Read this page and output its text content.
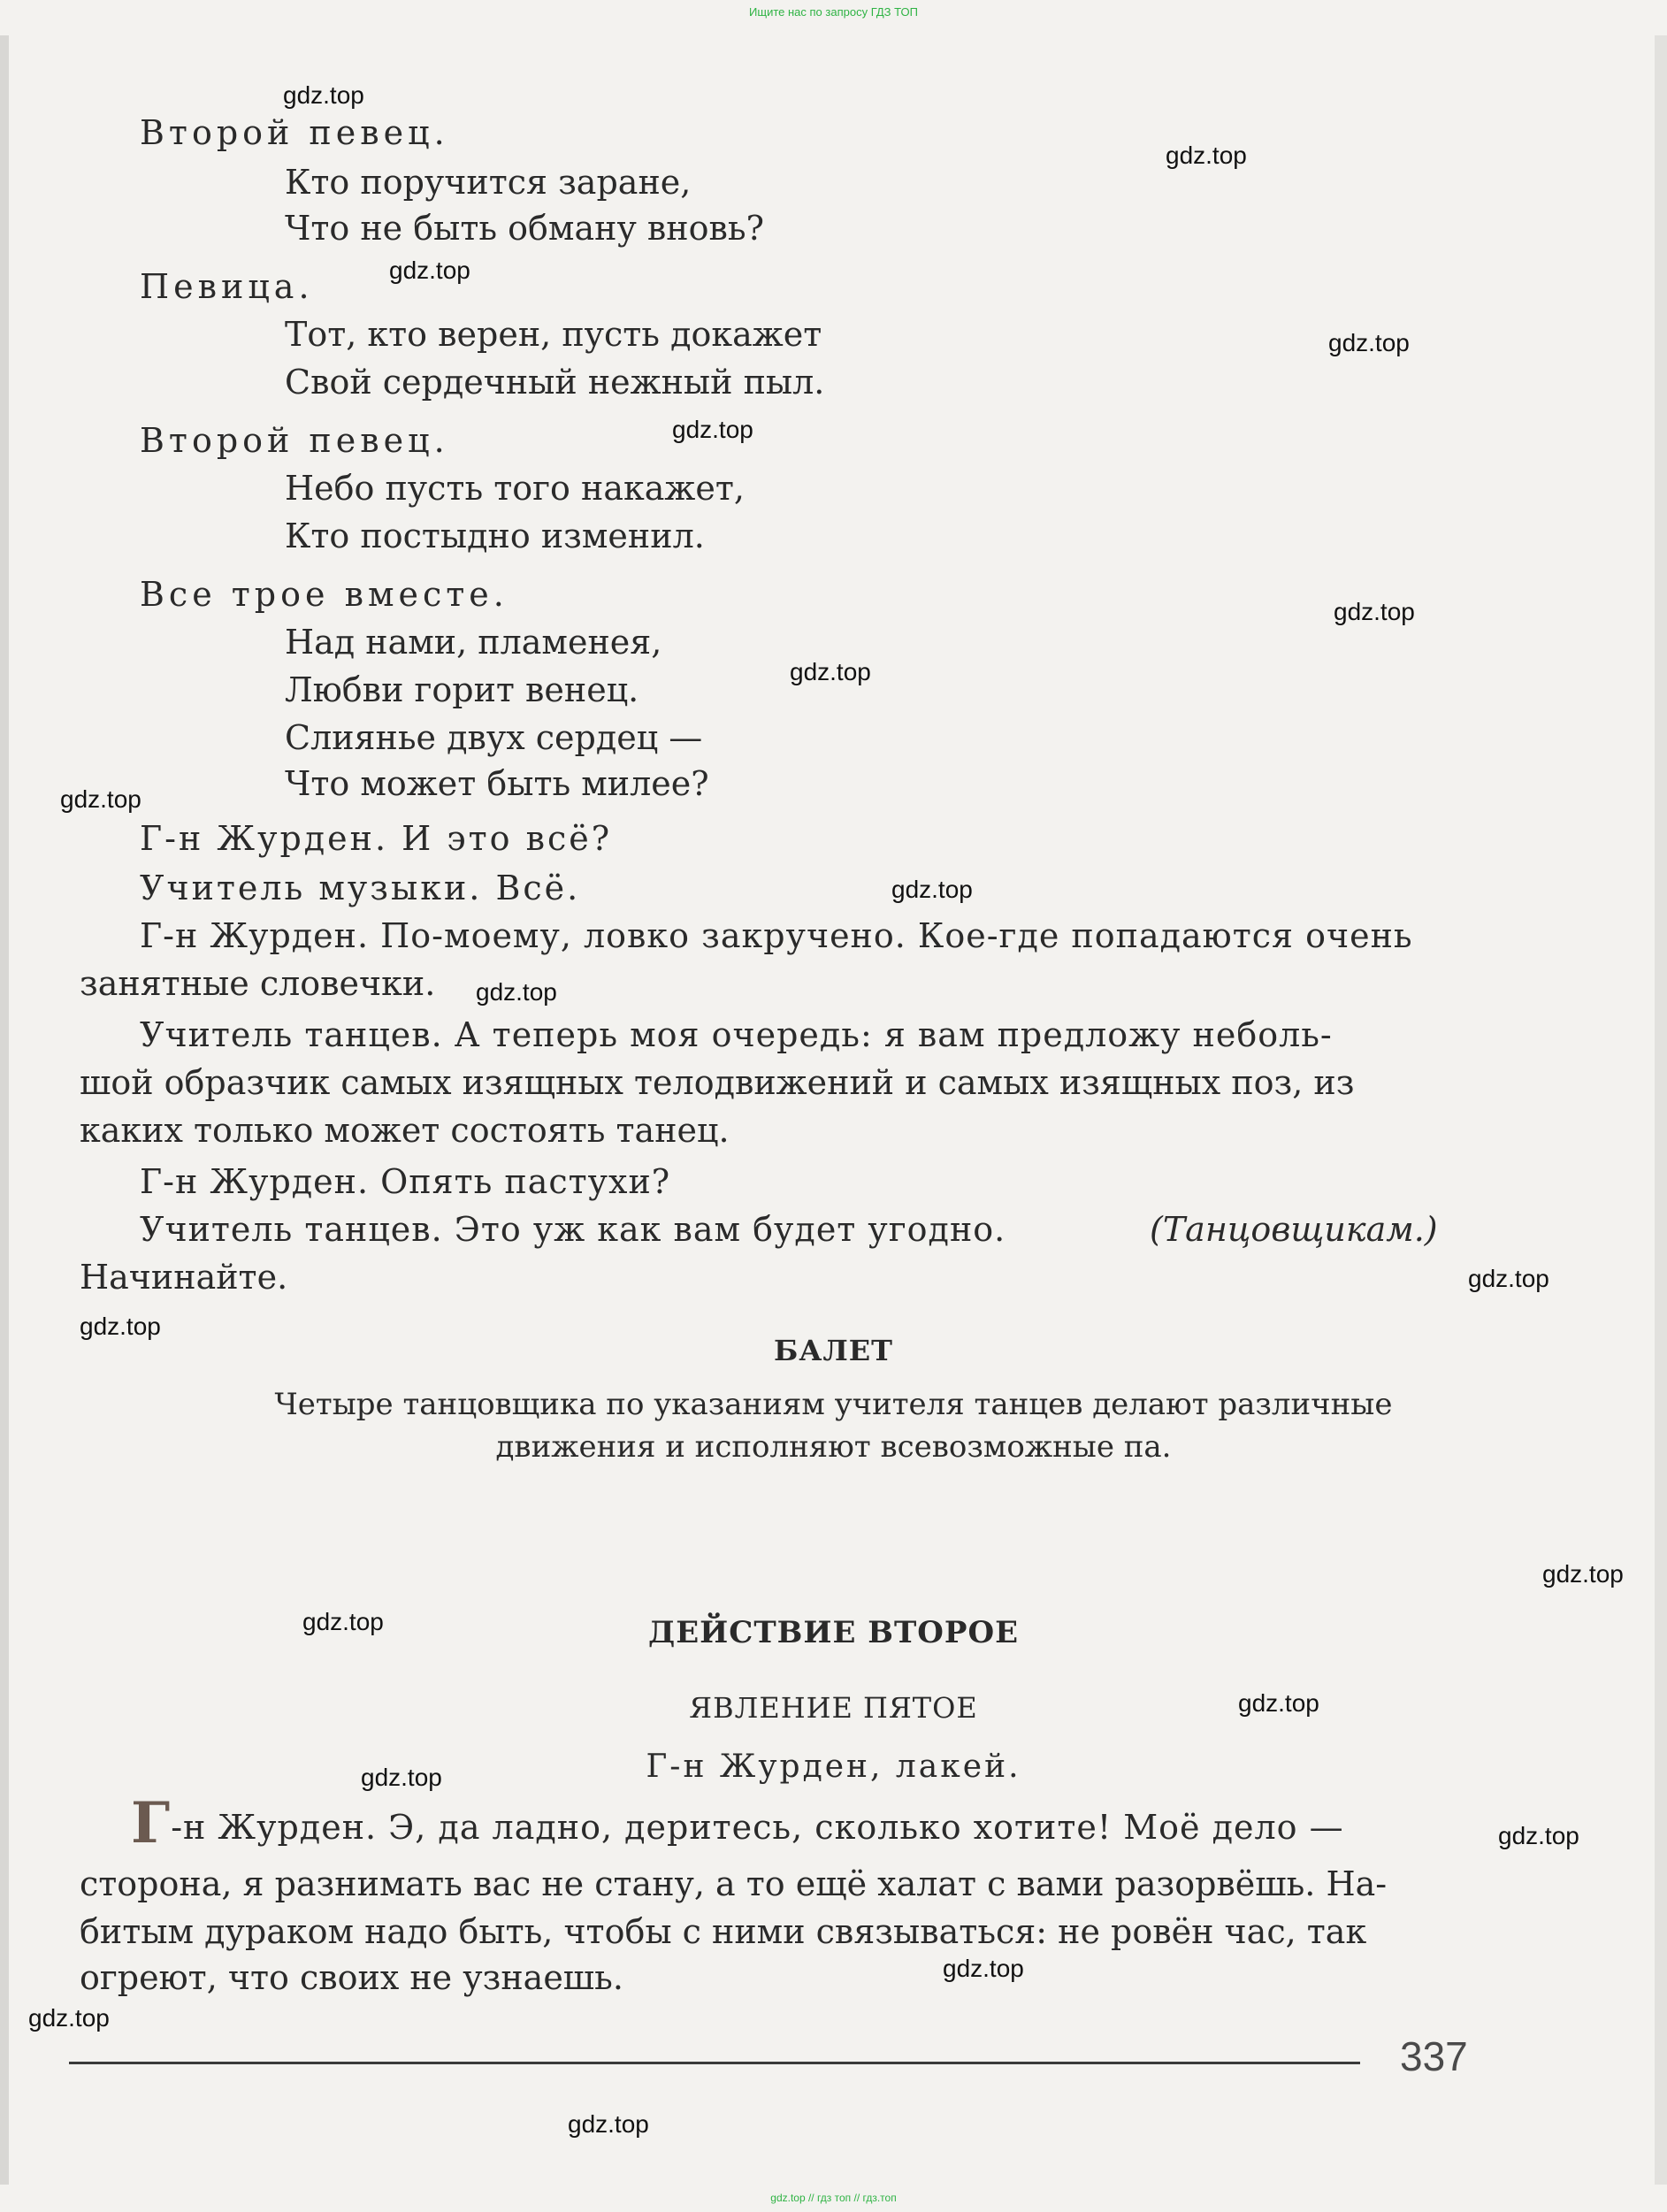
Ищите нас по запросу ГДЗ ТОП
Второй певец.
Кто поручится заране,
Что не быть обману вновь?
Певица.
Тот, кто верен, пусть докажет
Свой сердечный нежный пыл.
Второй певец.
Небо пусть того накажет,
Кто постыдно изменил.
Все трое вместе.
Над нами, пламенея,
Любви горит венец.
Слиянье двух сердец —
Что может быть милее?
Г-н Журден. И это всё?
Учитель музыки. Всё.
Г-н Журден. По-моему, ловко закручено. Кое-где попадаются очень
занятные словечки.
Учитель танцев. А теперь моя очередь: я вам предложу неболь-
шой образчик самых изящных телодвижений и самых изящных поз, из
каких только может состоять танец.
Г-н Журден. Опять пастухи?
Учитель танцев. Это уж как вам будет угодно.	(Танцовщикам.)
Начинайте.
БАЛЕТ
Четыре танцовщика по указаниям учителя танцев делают различные
движения и исполняют всевозможные па.
ДЕЙСТВИЕ ВТОРОЕ
ЯВЛЕНИЕ ПЯТОЕ
Г-н Журден, лакей.
Г-н Журден. Э, да ладно, деритесь, сколько хотите! Моё дело —
сторона, я разнимать вас не стану, а то ещё халат с вами разорвёшь. На-
битым дураком надо быть, чтобы с ними связываться: не ровён час, так
огреют, что своих не узнаешь.
337
gdz.top
gdz.top
gdz.top
gdz.top
gdz.top
gdz.top
gdz.top
gdz.top
gdz.top
gdz.top
gdz.top
gdz.top
gdz.top
gdz.top
gdz.top
gdz.top
gdz.top
gdz.top
gdz.top
gdz.top
gdz.top // гдз топ // гдз.топ
